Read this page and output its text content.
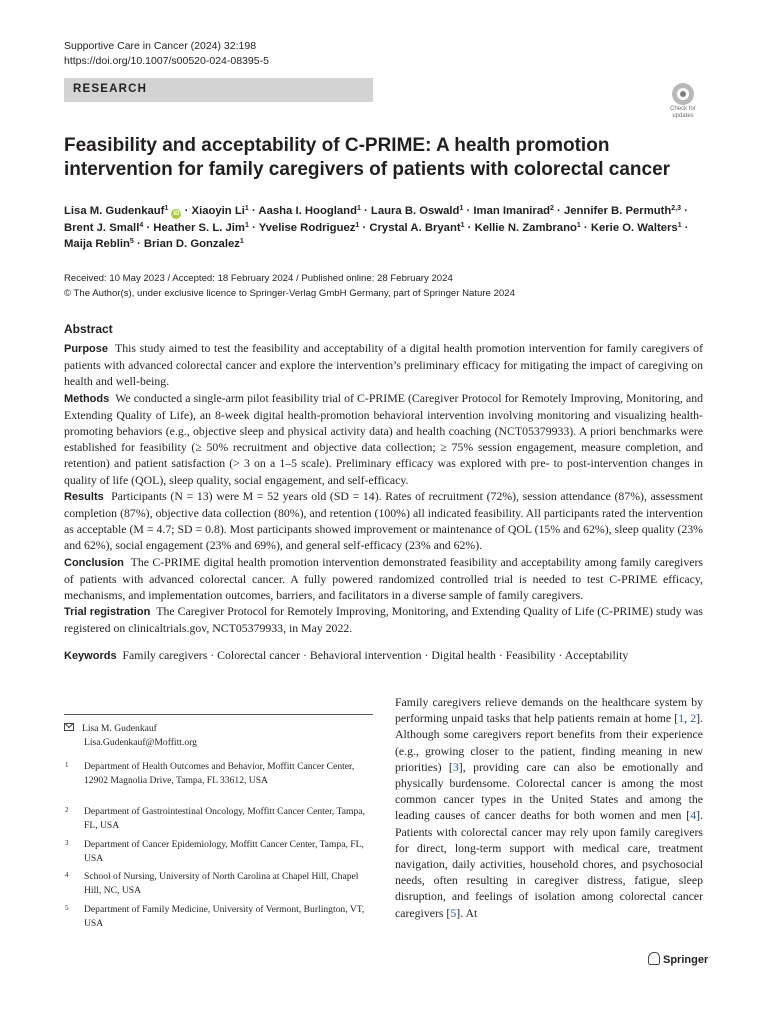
Supportive Care in Cancer (2024) 32:198
https://doi.org/10.1007/s00520-024-08395-5
RESEARCH
Check for
updates
Feasibility and acceptability of C-PRIME: A health promotion
intervention for family caregivers of patients with colorectal cancer
Lisa M. Gudenkauf$^1$ iD · Xiaoyin $Li^1$ · Aasha I. Hoogland$^1$ · Laura B. Oswald$^1$ · Iman Imanirad$^2$ · Jennifer B. Permuth$^{2,3}$ ·
Brent J. Small$^4$ · Heather S. L. Jim$^1$ · Yvelise Rodriguez$^1$ · Crystal A. Bryant$^1$ · Kellie N. Zambrano$^1$ · Kerie O. Walters$^1$ ·
Maija Reblin$^5$ · Brian D. Gonzalez$^1$
Received: 10 May 2023 / Accepted: 18 February 2024 / Published online: 28 February 2024
© The Author(s), under exclusive licence to Springer-Verlag GmbH Germany, part of Springer Nature 2024
Abstract

Purpose This study aimed to test the feasibility and acceptability of a digital health promotion intervention for family caregivers of patients with advanced colorectal cancer and explore the intervention’s preliminary efficacy for mitigating the impact of caregiving on health and well-being.

Methods We conducted a single-arm pilot feasibility trial of C-PRIME (Caregiver Protocol for Remotely Improving, Monitoring, and Extending Quality of Life), an 8-week digital health-promotion behavioral intervention involving monitoring and visualizing health-promoting behaviors (e.g., objective sleep and physical activity data) and health coaching (NCT05379933). A priori benchmarks were established for feasibility (≥ 50% recruitment and objective data collection; ≥ 75% session engagement, measure completion, and retention) and patient satisfaction (> 3 on a 1–5 scale). Preliminary efficacy was explored with pre- to post-intervention changes in quality of life (QOL), sleep quality, social engagement, and self-efficacy.

Results Participants (N = 13) were M = 52 years old (SD = 14). Rates of recruitment (72%), session attendance (87%), assessment completion (87%), objective data collection (80%), and retention (100%) all indicated feasibility. All participants rated the intervention as acceptable (M = 4.7; SD = 0.8). Most participants showed improvement or maintenance of QOL (15% and 62%), sleep quality (23% and 62%), social engagement (23% and 69%), and general self-efficacy (23% and 62%).

Conclusion The C-PRIME digital health promotion intervention demonstrated feasibility and acceptability among family caregivers of patients with advanced colorectal cancer. A fully powered randomized controlled trial is needed to test C-PRIME efficacy, mechanisms, and implementation outcomes, barriers, and facilitators in a diverse sample of family caregivers.

Trial registration The Caregiver Protocol for Remotely Improving, Monitoring, and Extending Quality of Life (C-PRIME) study was registered on clinicaltrials.gov, NCT05379933, in May 2022.

Keywords Family caregivers · Colorectal cancer · Behavioral intervention · Digital health · Feasibility · Acceptability
Lisa M. Gudenkauf
Lisa.Gudenkauf@Moffitt.org
1 Department of Health Outcomes and Behavior, Moffitt Cancer Center, 12902 Magnolia Drive, Tampa, FL 33612, USA
2 Department of Gastrointestinal Oncology, Moffitt Cancer Center, Tampa, FL, USA
3 Department of Cancer Epidemiology, Moffitt Cancer Center, Tampa, FL, USA
4 School of Nursing, University of North Carolina at Chapel Hill, Chapel Hill, NC, USA
5 Department of Family Medicine, University of Vermont, Burlington, VT, USA

Family caregivers relieve demands on the healthcare system by performing unpaid tasks that help patients remain at home [1, 2]. Although some caregivers report benefits from their experience (e.g., growing closer to the patient, finding meaning in new priorities) [3], providing care can also be emotionally and physically burdensome. Colorectal cancer is among the most common cancer types in the United States and among the leading causes of cancer deaths for both women and men [4]. Patients with colorectal cancer may rely upon family caregivers for direct, long-term support with medical care, treatment navigation, daily activities, household chores, and psychosocial needs, often resulting in caregiver distress, fatigue, sleep disruption, and feelings of isolation among colorectal cancer caregivers [5]. At

Springer
